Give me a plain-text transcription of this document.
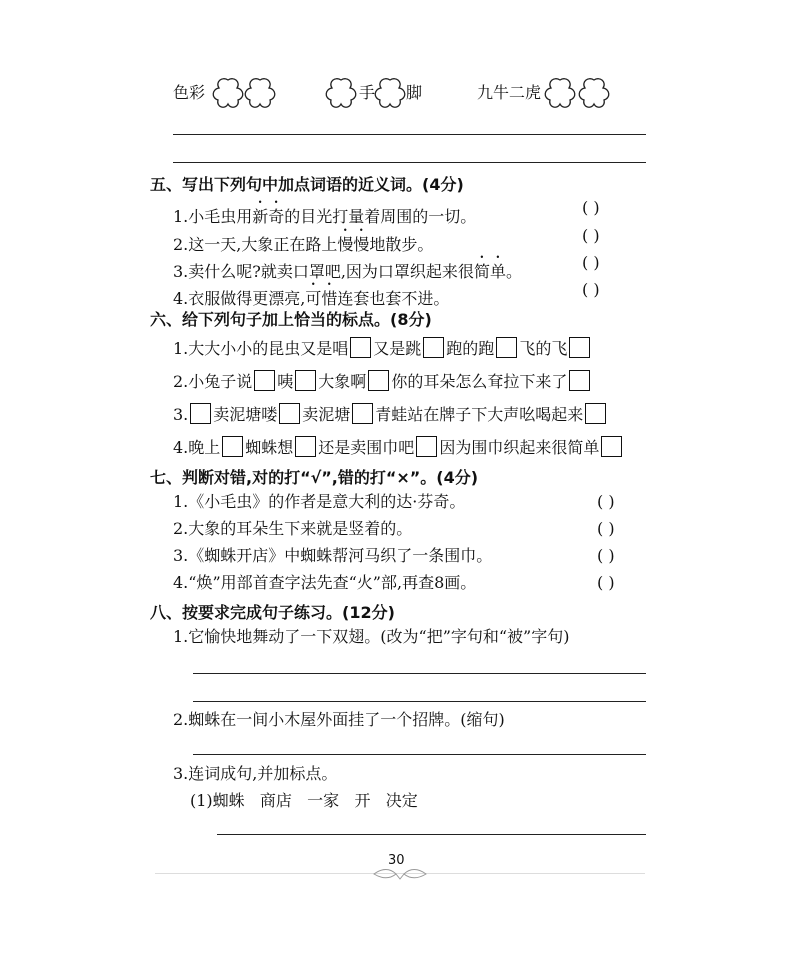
色彩	手 脚	九牛二虎
五、写出下列句中加点词语的近义词。(4分)
1.小毛虫用新奇的目光打量着周围的一切。	( )
2.这一天,大象正在路上慢慢地散步。	( )
3.卖什么呢?就卖口罩吧,因为口罩织起来很简单。	( )
4.衣服做得更漂亮,可惜连套也套不进。	( )
六、给下列句子加上恰当的标点。(8分)
1.大大小小的昆虫又是唱 又是跳 跑的跑 飞的飞
2.小兔子说 咦 大象啊 你的耳朵怎么耷拉下来了
3. 卖泥塘喽 卖泥塘 青蛙站在牌子下大声吆喝起来
4.晚上 蜘蛛想 还是卖围巾吧 因为围巾织起来很简单
七、判断对错,对的打“√”,错的打“×”。(4分)
1.《小毛虫》的作者是意大利的达·芬奇。	( )
2.大象的耳朵生下来就是竖着的。	( )
3.《蜘蛛开店》中蜘蛛帮河马织了一条围巾。	( )
4.“焕”用部首查字法先查“火”部,再查8画。	( )
八、按要求完成句子练习。(12分)
1.它愉快地舞动了一下双翅。(改为“把”字句和“被”字句)
2.蜘蛛在一间小木屋外面挂了一个招牌。(缩句)
3.连词成句,并加标点。
(1)蜘蛛   商店   一家   开   决定
30
